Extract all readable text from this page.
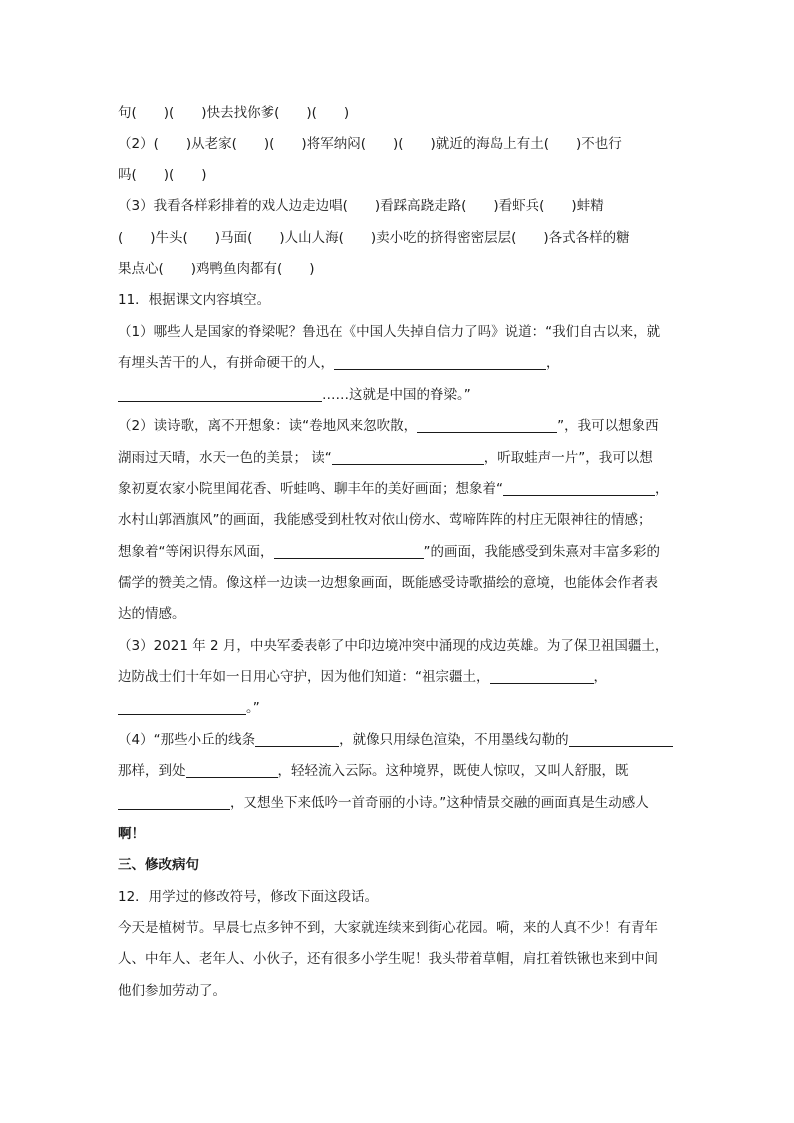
句(　　)(　　)快去找你爹(　　)(　　)
（2）(　　)从老家(　　)(　　)将军纳闷(　　)(　　)就近的海岛上有土(　　)不也行
吗(　　)(　　)
（3）我看各样彩排着的戏人边走边唱(　　)看踩高跷走路(　　)看虾兵(　　)蚌精
(　　)牛头(　　)马面(　　)人山人海(　　)卖小吃的挤得密密层层(　　)各式各样的糖
果点心(　　)鸡鸭鱼肉都有(　　)
11．根据课文内容填空。
（1）哪些人是国家的脊梁呢？鲁迅在《中国人失掉自信力了吗》说道：“我们自古以来，就
有埋头苦干的人，有拼命硬干的人，	，
……这就是中国的脊梁。”
（2）读诗歌，离不开想象：读“卷地风来忽吹散，	”，我可以想象西
湖雨过天晴，水天一色的美景； 读“	，听取蛙声一片”，我可以想
象初夏农家小院里闻花香、听蛙鸣、聊丰年的美好画面；想象着“	，
水村山郭酒旗风”的画面，我能感受到杜牧对依山傍水、莺啼阵阵的村庄无限神往的情感；
想象着“等闲识得东风面，	”的画面，我能感受到朱熹对丰富多彩的
儒学的赞美之情。像这样一边读一边想象画面，既能感受诗歌描绘的意境，也能体会作者表
达的情感。
（3）2021 年 2 月，中央军委表彰了中印边境冲突中涌现的戍边英雄。为了保卫祖国疆土，
边防战士们十年如一日用心守护，因为他们知道：“祖宗疆土，	，
。”
（4）“那些小丘的线条	，就像只用绿色渲染，不用墨线勾勒的
那样，到处	，轻轻流入云际。这种境界，既使人惊叹，又叫人舒服，既
，又想坐下来低吟一首奇丽的小诗。”这种情景交融的画面真是生动感人
啊！
三、修改病句
12．用学过的修改符号，修改下面这段话。
今天是植树节。早晨七点多钟不到，大家就连续来到街心花园。嗬，来的人真不少！有青年
人、中年人、老年人、小伙子，还有很多小学生呢！我头带着草帽，肩扛着铁锹也来到中间
他们参加劳动了。
